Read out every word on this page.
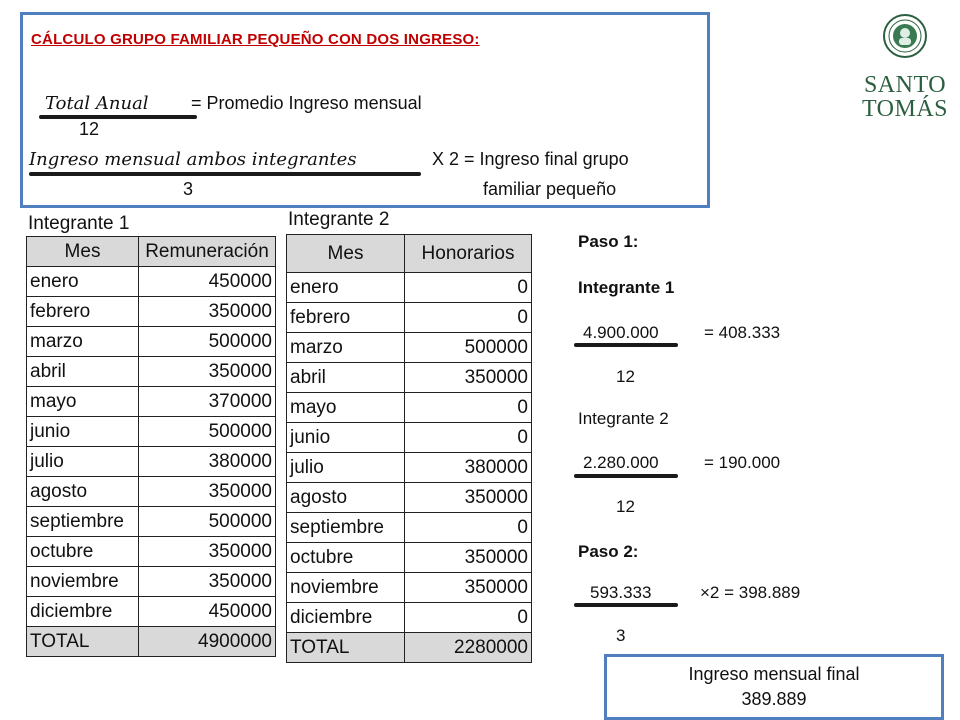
CÁLCULO GRUPO FAMILIAR PEQUEÑO CON DOS INGRESO:
Total Anual = Promedio Ingreso mensual
12
Ingreso mensual ambos integrantes	X 2 = Ingreso final grupo
3	familiar pequeño
SANTO
TOMÁS
Integrante 1
Mes	Remuneración
enero	450000
febrero	350000
marzo	500000
abril	350000
mayo	370000
junio	500000
julio	380000
agosto	350000
septiembre	500000
octubre	350000
noviembre	350000
diciembre	450000
TOTAL	4900000
Integrante 2
Mes	Honorarios
enero	0
febrero	0
marzo	500000
abril	350000
mayo	0
junio	0
julio	380000
agosto	350000
septiembre	0
octubre	350000
noviembre	350000
diciembre	0
TOTAL	2280000
Paso 1:
Integrante 1
4.900.000	= 408.333
12
Integrante 2
2.280.000	= 190.000
12
Paso 2:
593.333	×2 = 398.889
3
Ingreso mensual final
389.889
